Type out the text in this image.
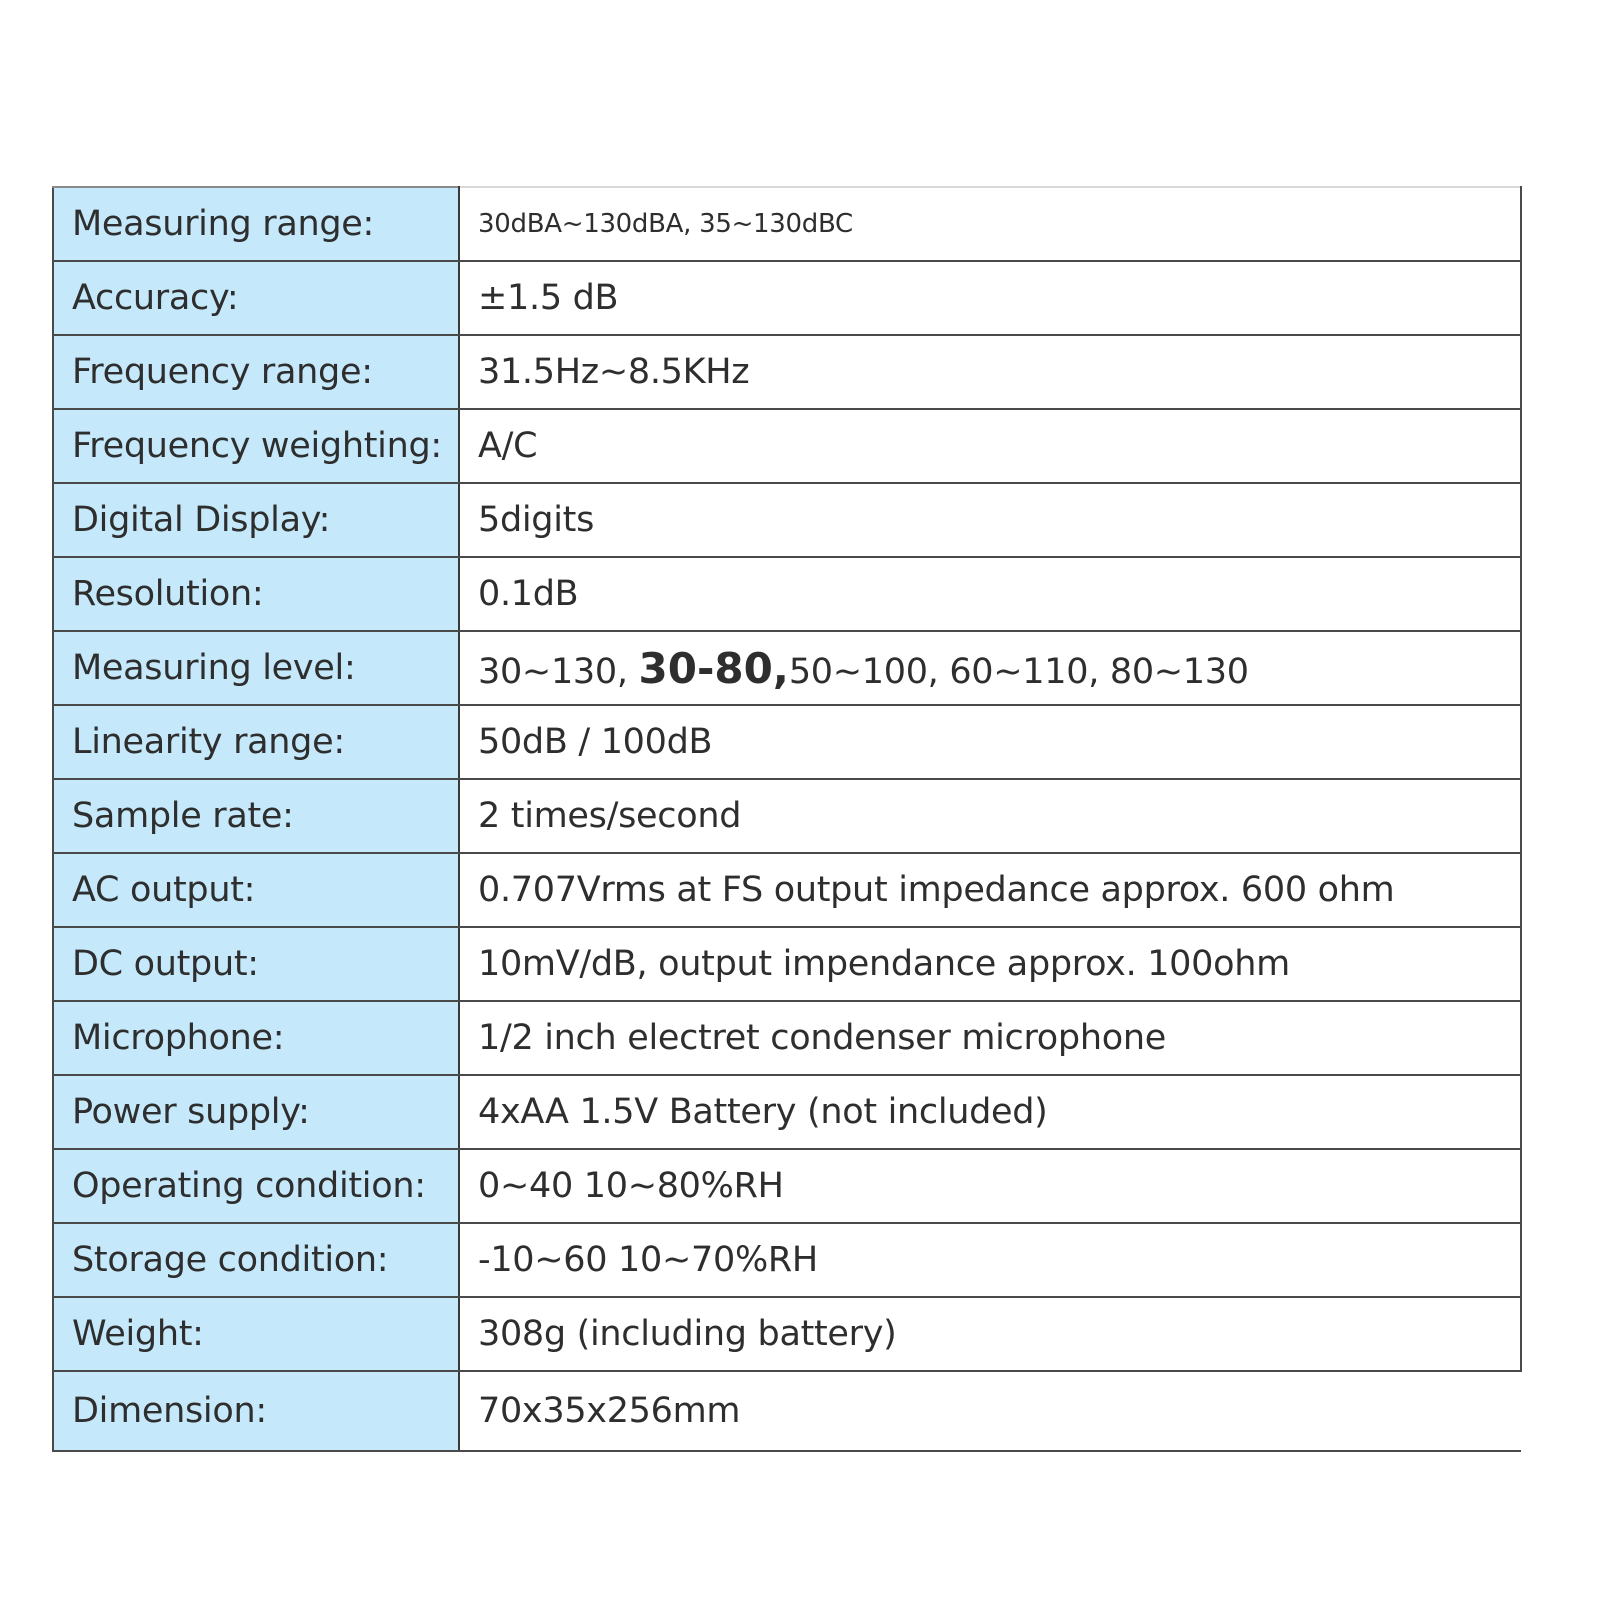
Measuring range:	30dBA~130dBA, 35~130dBC
Accuracy:	±1.5 dB
Frequency range:	31.5Hz~8.5KHz
Frequency weighting:	A/C
Digital Display:	5digits
Resolution:	0.1dB
Measuring level:	30~130, 30-80,50~100, 60~110, 80~130
Linearity range:	50dB / 100dB
Sample rate:	2 times/second
AC output:	0.707Vrms at FS output impedance approx. 600 ohm
DC output:	10mV/dB, output impendance approx. 100ohm
Microphone:	1/2 inch electret condenser microphone
Power supply:	4xAA 1.5V Battery (not included)
Operating condition:	0~40 10~80%RH
Storage condition:	-10~60 10~70%RH
Weight:	308g (including battery)
Dimension:	70x35x256mm
